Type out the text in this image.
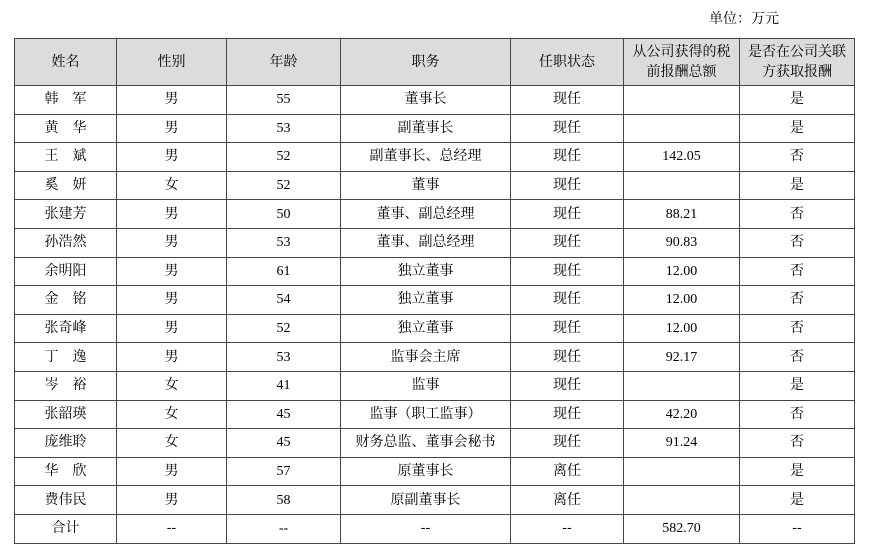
单位：万元
姓名	性别	年龄	职务	任职状态	从公司获得的税前报酬总额	是否在公司关联方获取报酬
韩　军	男	55	董事长	现任		是
黄　华	男	53	副董事长	现任		是
王　斌	男	52	副董事长、总经理	现任	142.05	否
奚　妍	女	52	董事	现任		是
张建芳	男	50	董事、副总经理	现任	88.21	否
孙浩然	男	53	董事、副总经理	现任	90.83	否
余明阳	男	61	独立董事	现任	12.00	否
金　铭	男	54	独立董事	现任	12.00	否
张奇峰	男	52	独立董事	现任	12.00	否
丁　逸	男	53	监事会主席	现任	92.17	否
岑　裕	女	41	监事	现任		是
张韶瑛	女	45	监事（职工监事）	现任	42.20	否
庞维聆	女	45	财务总监、董事会秘书	现任	91.24	否
华　欣	男	57	原董事长	离任		是
费伟民	男	58	原副董事长	离任		是
合计	--	--	--	--	582.70	--
